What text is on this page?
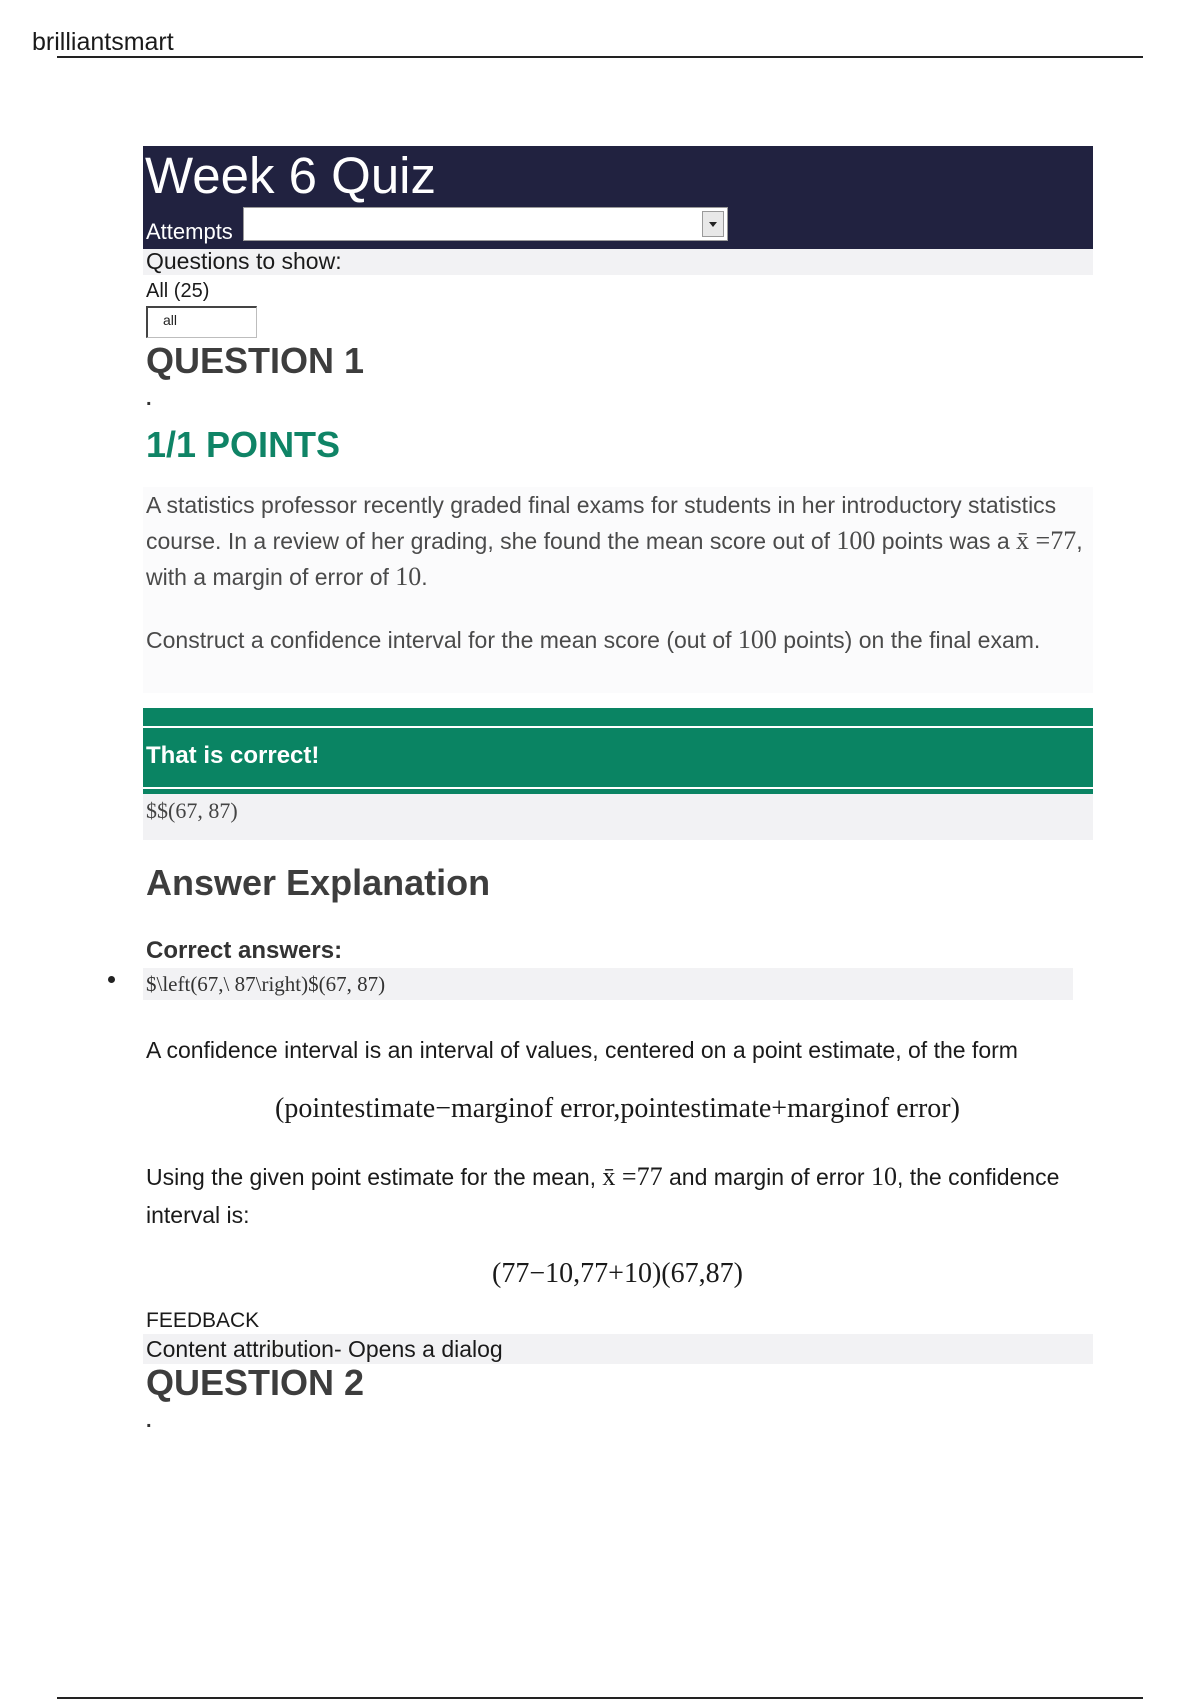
brilliantsmart
Week 6 Quiz
Attempts
Questions to show:
All (25)
all
QUESTION 1
.
1/1 POINTS
A statistics professor recently graded final exams for students in her introductory statistics course. In a review of her grading, she found the mean score out of 100 points was a x̄ =77, with a margin of error of 10.
Construct a confidence interval for the mean score (out of 100 points) on the final exam.
That is correct!
$$(67, 87)
Answer Explanation
Correct answers:
$\left(67,\ 87\right)$(67, 87)
A confidence interval is an interval of values, centered on a point estimate, of the form
(pointestimate−marginof error,pointestimate+marginof error)
Using the given point estimate for the mean, x̄ =77 and margin of error 10, the confidence interval is:
(77−10,77+10)(67,87)
FEEDBACK
Content attribution- Opens a dialog
QUESTION 2
.
